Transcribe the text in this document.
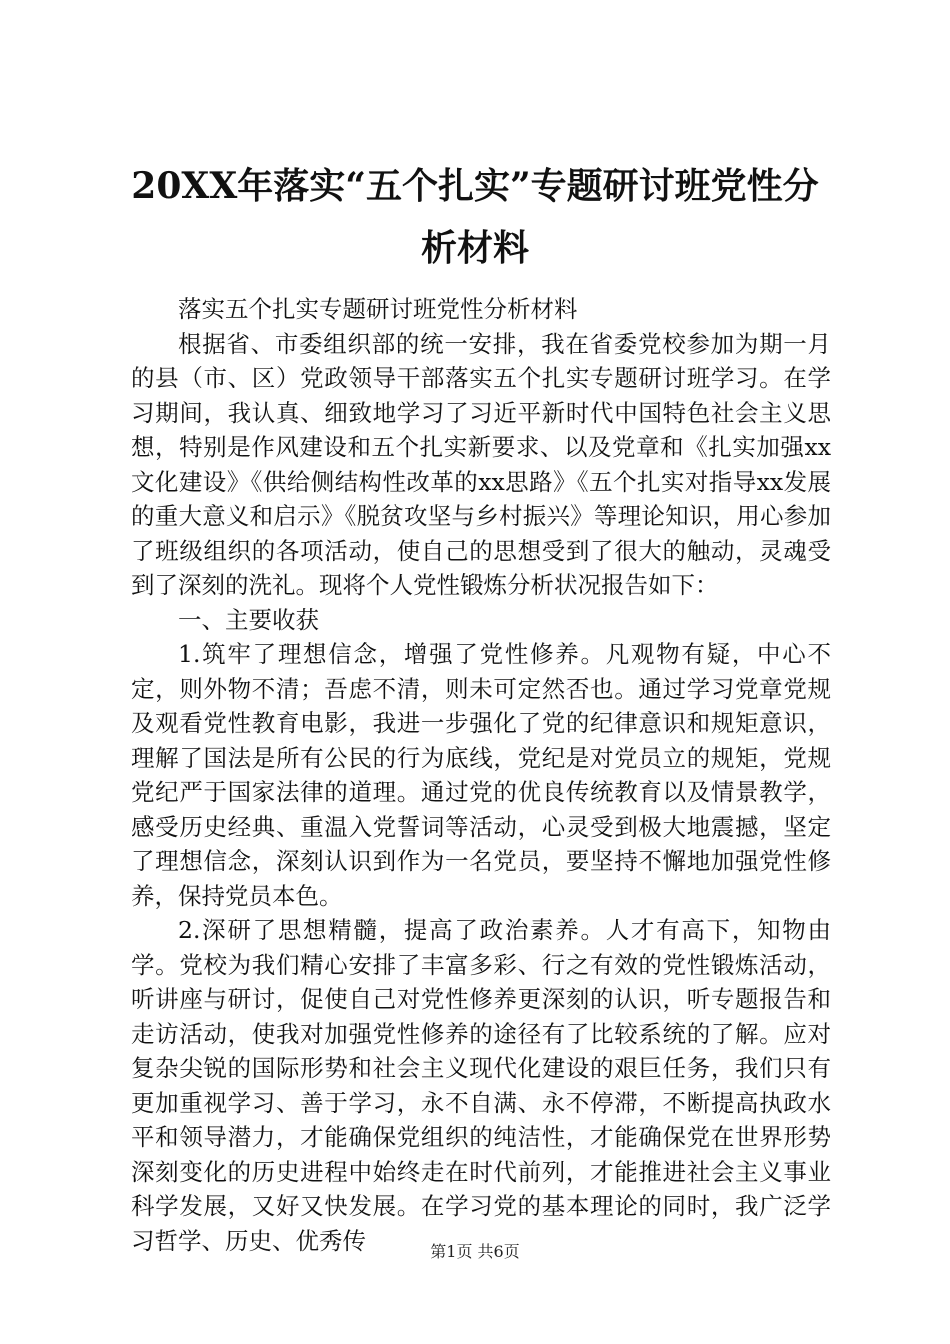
20XX年落实“五个扎实”专题研讨班党性分析材料

落实五个扎实专题研讨班党性分析材料

根据省、市委组织部的统一安排，我在省委党校参加为期一月的县（市、区）党政领导干部落实五个扎实专题研讨班学习。在学习期间，我认真、细致地学习了习近平新时代中国特色社会主义思想，特别是作风建设和五个扎实新要求、以及党章和《扎实加强xx文化建设》《供给侧结构性改革的xx思路》《五个扎实对指导xx发展的重大意义和启示》《脱贫攻坚与乡村振兴》等理论知识，用心参加了班级组织的各项活动，使自己的思想受到了很大的触动，灵魂受到了深刻的洗礼。现将个人党性锻炼分析状况报告如下：

一、主要收获

1.筑牢了理想信念，增强了党性修养。凡观物有疑，中心不定，则外物不清；吾虑不清，则未可定然否也。通过学习党章党规及观看党性教育电影，我进一步强化了党的纪律意识和规矩意识，理解了国法是所有公民的行为底线，党纪是对党员立的规矩，党规党纪严于国家法律的道理。通过党的优良传统教育以及情景教学，感受历史经典、重温入党誓词等活动，心灵受到极大地震撼，坚定了理想信念，深刻认识到作为一名党员，要坚持不懈地加强党性修养，保持党员本色。

2.深研了思想精髓，提高了政治素养。人才有高下，知物由学。党校为我们精心安排了丰富多彩、行之有效的党性锻炼活动，听讲座与研讨，促使自己对党性修养更深刻的认识，听专题报告和走访活动，使我对加强党性修养的途径有了比较系统的了解。应对复杂尖锐的国际形势和社会主义现代化建设的艰巨任务，我们只有更加重视学习、善于学习，永不自满、永不停滞，不断提高执政水平和领导潜力，才能确保党组织的纯洁性，才能确保党在世界形势深刻变化的历史进程中始终走在时代前列，才能推进社会主义事业科学发展，又好又快发展。在学习党的基本理论的同时，我广泛学习哲学、历史、优秀传	第1页 共6页
